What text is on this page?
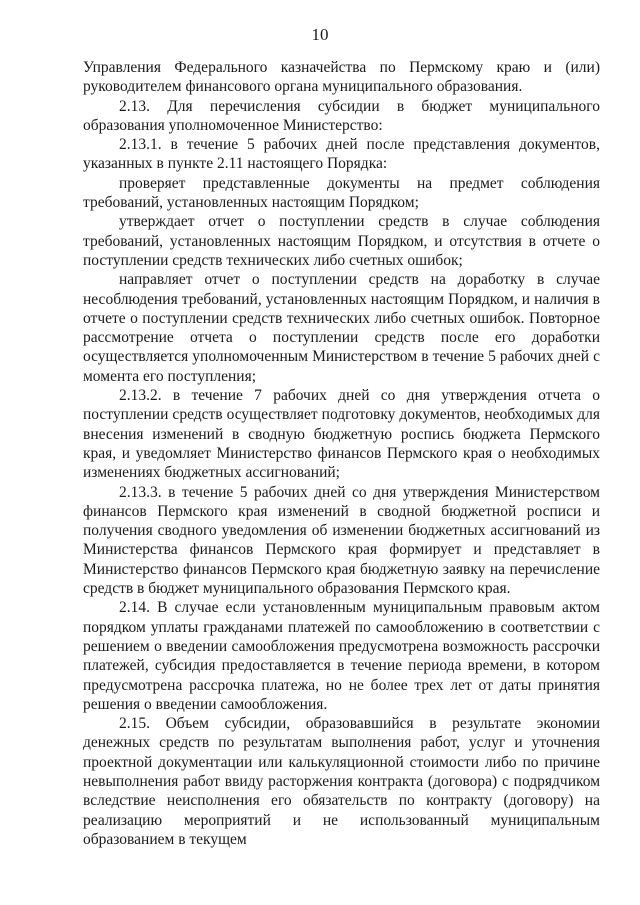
10

Управления Федерального казначейства по Пермскому краю и (или) руководителем финансового органа муниципального образования.

2.13. Для перечисления субсидии в бюджет муниципального образования уполномоченное Министерство:

2.13.1. в течение 5 рабочих дней после представления документов, указанных в пункте 2.11 настоящего Порядка:

проверяет представленные документы на предмет соблюдения требований, установленных настоящим Порядком;

утверждает отчет о поступлении средств в случае соблюдения требований, установленных настоящим Порядком, и отсутствия в отчете о поступлении средств технических либо счетных ошибок;

направляет отчет о поступлении средств на доработку в случае несоблюдения требований, установленных настоящим Порядком, и наличия в отчете о поступлении средств технических либо счетных ошибок. Повторное рассмотрение отчета о поступлении средств после его доработки осуществляется уполномоченным Министерством в течение 5 рабочих дней с момента его поступления;

2.13.2. в течение 7 рабочих дней со дня утверждения отчета о поступлении средств осуществляет подготовку документов, необходимых для внесения изменений в сводную бюджетную роспись бюджета Пермского края, и уведомляет Министерство финансов Пермского края о необходимых изменениях бюджетных ассигнований;

2.13.3. в течение 5 рабочих дней со дня утверждения Министерством финансов Пермского края изменений в сводной бюджетной росписи и получения сводного уведомления об изменении бюджетных ассигнований из Министерства финансов Пермского края формирует и представляет в Министерство финансов Пермского края бюджетную заявку на перечисление средств в бюджет муниципального образования Пермского края.

2.14. В случае если установленным муниципальным правовым актом порядком уплаты гражданами платежей по самообложению в соответствии с решением о введении самообложения предусмотрена возможность рассрочки платежей, субсидия предоставляется в течение периода времени, в котором предусмотрена рассрочка платежа, но не более трех лет от даты принятия решения о введении самообложения.

2.15. Объем субсидии, образовавшийся в результате экономии денежных средств по результатам выполнения работ, услуг и уточнения проектной документации или калькуляционной стоимости либо по причине невыполнения работ ввиду расторжения контракта (договора) с подрядчиком вследствие неисполнения его обязательств по контракту (договору) на реализацию мероприятий и не использованный муниципальным образованием в текущем
